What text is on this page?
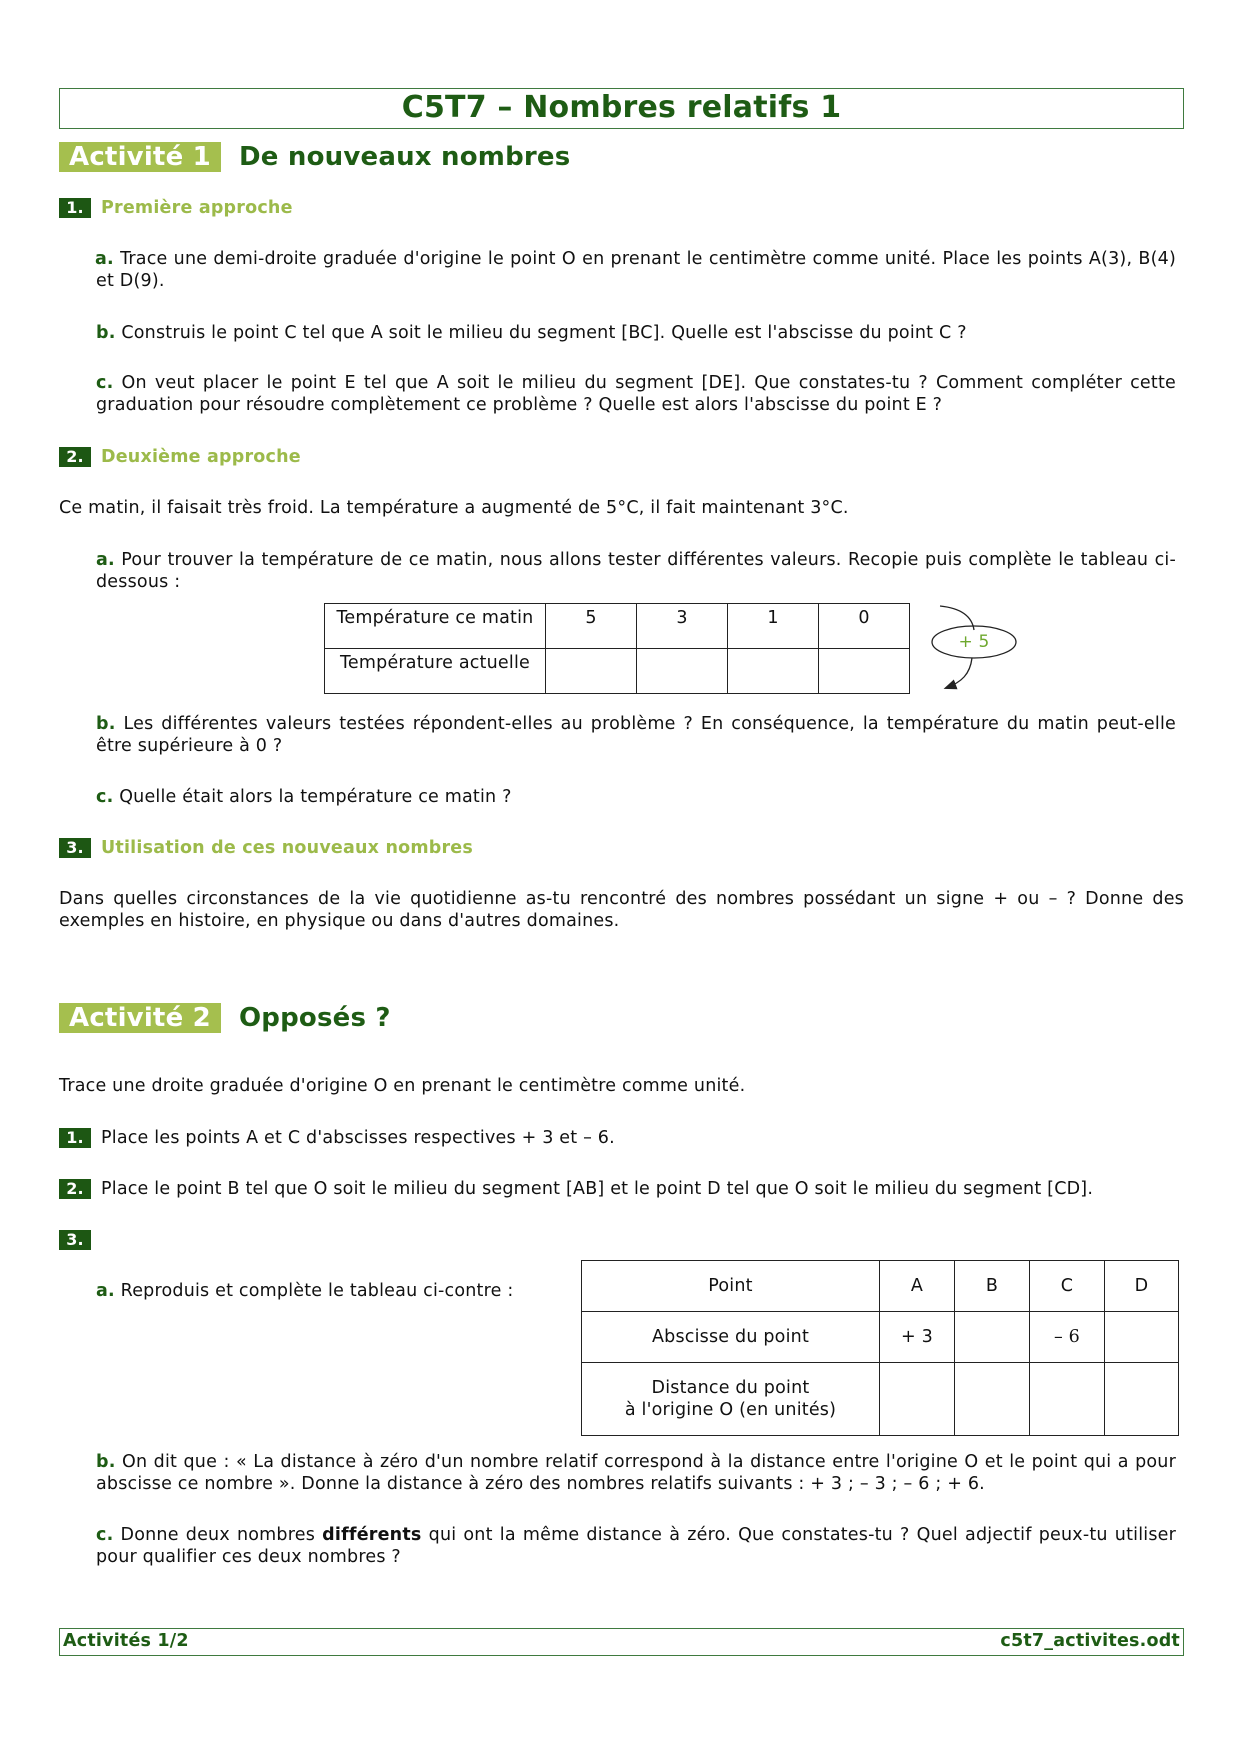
C5T7 – Nombres relatifs 1
Activité 1	De nouveaux nombres
1. Première approche
a. Trace une demi-droite graduée d'origine le point O en prenant le centimètre comme unité. Place les points A(3), B(4) et D(9).
b. Construis le point C tel que A soit le milieu du segment [BC]. Quelle est l'abscisse du point C ?
c. On veut placer le point E tel que A soit le milieu du segment [DE]. Que constates-tu ? Comment compléter cette graduation pour résoudre complètement ce problème ? Quelle est alors l'abscisse du point E ?
2. Deuxième approche
Ce matin, il faisait très froid. La température a augmenté de 5°C, il fait maintenant 3°C.
a. Pour trouver la température de ce matin, nous allons tester différentes valeurs. Recopie puis complète le tableau ci-dessous :
Température ce matin	5	3	1	0
Température actuelle				
+ 5
b. Les différentes valeurs testées répondent-elles au problème ? En conséquence, la température du matin peut-elle être supérieure à 0 ?
c. Quelle était alors la température ce matin ?
3. Utilisation de ces nouveaux nombres
Dans quelles circonstances de la vie quotidienne as-tu rencontré des nombres possédant un signe + ou – ? Donne des exemples en histoire, en physique ou dans d'autres domaines.
Activité 2	Opposés ?
Trace une droite graduée d'origine O en prenant le centimètre comme unité.
1. Place les points A et C d'abscisses respectives + 3 et – 6.
2. Place le point B tel que O soit le milieu du segment [AB] et le point D tel que O soit le milieu du segment [CD].
3.
a. Reproduis et complète le tableau ci-contre :	Point	A	B	C	D
Abscisse du point	+ 3		– 6	
Distance du point
à l'origine O (en unités)				
b. On dit que : « La distance à zéro d'un nombre relatif correspond à la distance entre l'origine O et le point qui a pour abscisse ce nombre ». Donne la distance à zéro des nombres relatifs suivants : + 3 ; – 3 ; – 6 ; + 6.
c. Donne deux nombres différents qui ont la même distance à zéro. Que constates-tu ? Quel adjectif peux-tu utiliser pour qualifier ces deux nombres ?
Activités 1/2	c5t7_activites.odt
